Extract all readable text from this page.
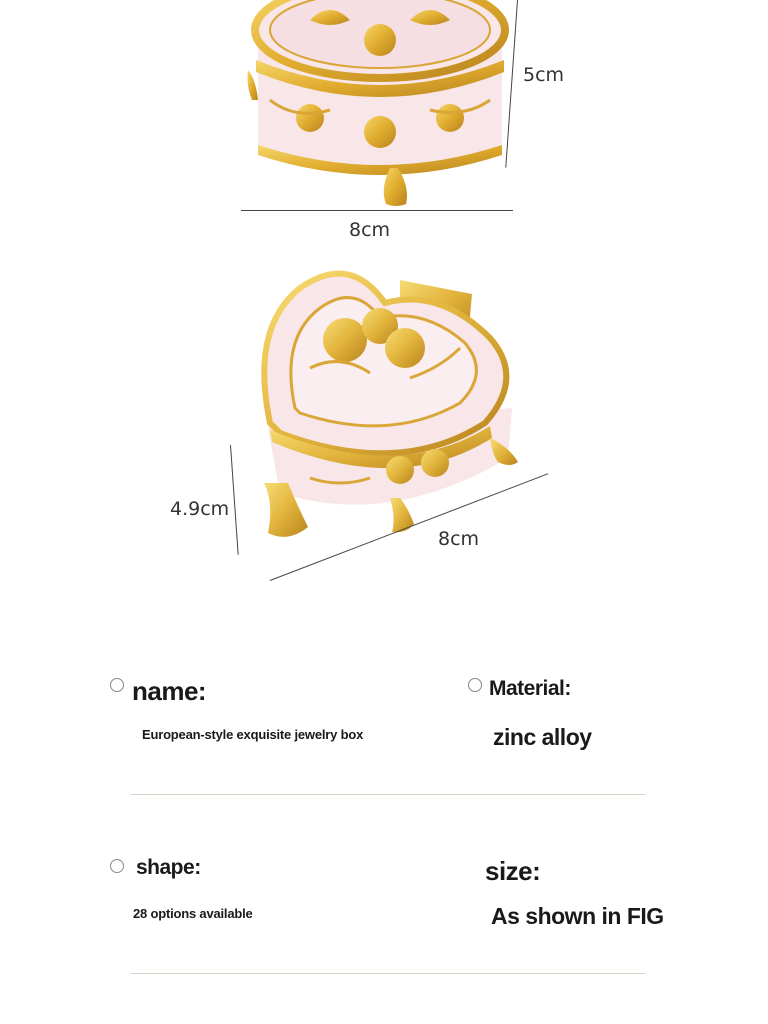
5cm
8cm
4.9cm
8cm
name:
European-style exquisite jewelry box
Material:
zinc alloy
shape:
28 options available
size:
As shown in FIG
